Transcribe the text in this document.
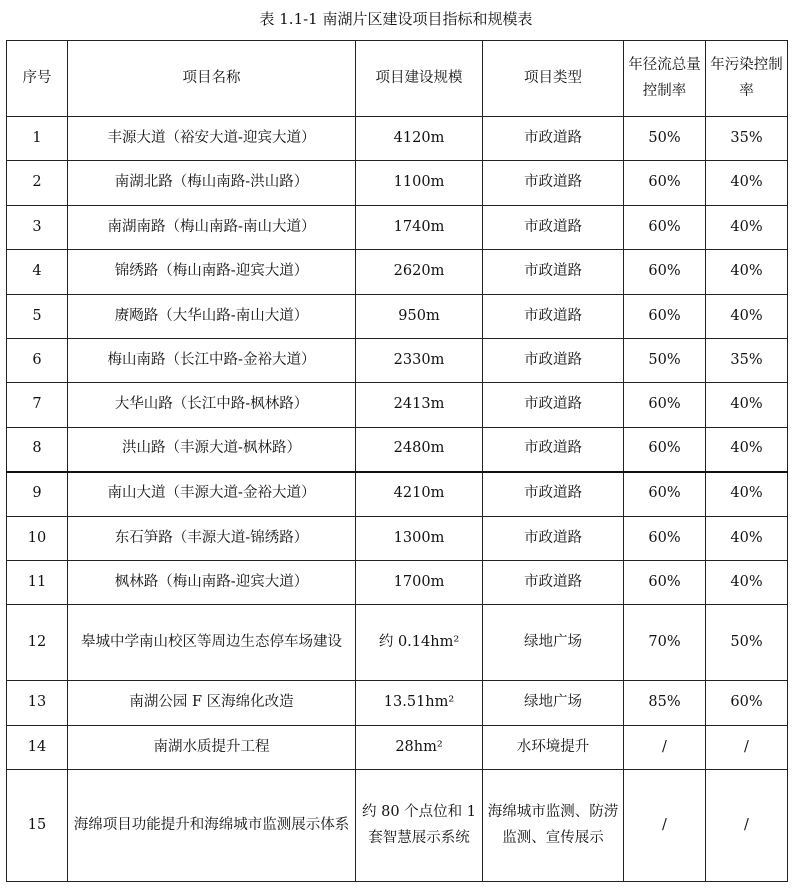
表 1.1-1 南湖片区建设项目指标和规模表
序号	项目名称	项目建设规模	项目类型	年径流总量控制率	年污染控制率
1	丰源大道（裕安大道-迎宾大道）	4120m	市政道路	50%	35%
2	南湖北路（梅山南路-洪山路）	1100m	市政道路	60%	40%
3	南湖南路（梅山南路-南山大道）	1740m	市政道路	60%	40%
4	锦绣路（梅山南路-迎宾大道）	2620m	市政道路	60%	40%
5	赓飏路（大华山路-南山大道）	950m	市政道路	60%	40%
6	梅山南路（长江中路-金裕大道）	2330m	市政道路	50%	35%
7	大华山路（长江中路-枫林路）	2413m	市政道路	60%	40%
8	洪山路（丰源大道-枫林路）	2480m	市政道路	60%	40%
9	南山大道（丰源大道-金裕大道）	4210m	市政道路	60%	40%
10	东石笋路（丰源大道-锦绣路）	1300m	市政道路	60%	40%
11	枫林路（梅山南路-迎宾大道）	1700m	市政道路	60%	40%
12	皋城中学南山校区等周边生态停车场建设	约 0.14hm²	绿地广场	70%	50%
13	南湖公园 F 区海绵化改造	13.51hm²	绿地广场	85%	60%
14	南湖水质提升工程	28hm²	水环境提升	/	/
15	海绵项目功能提升和海绵城市监测展示体系	约 80 个点位和 1 套智慧展示系统	海绵城市监测、防涝监测、宣传展示	/	/
